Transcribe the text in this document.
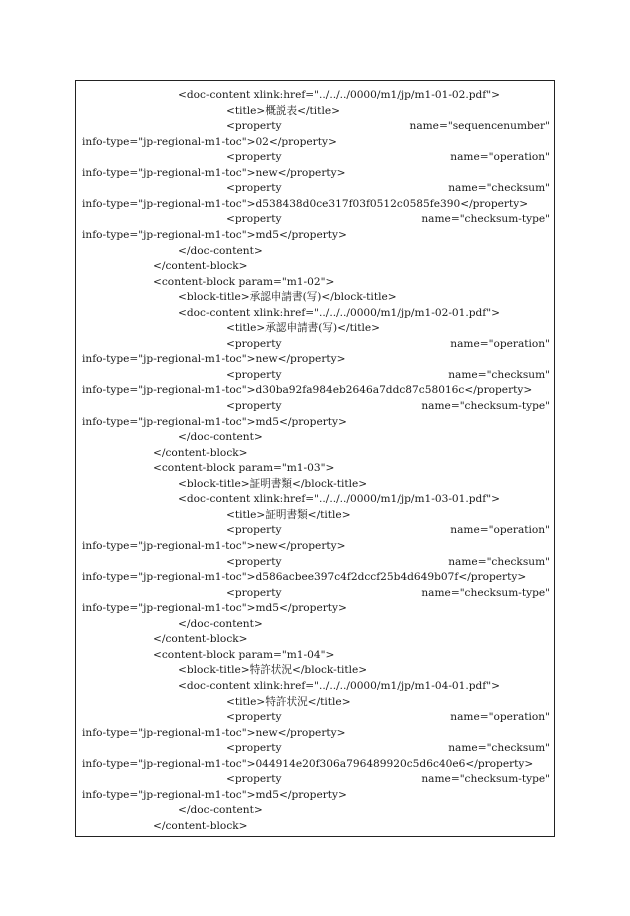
<doc-content xlink:href="../../../0000/m1/jp/m1-01-02.pdf">
<title>概説表</title>
<property	name="sequencenumber"
info-type="jp-regional-m1-toc">02</property>
<property	name="operation"
info-type="jp-regional-m1-toc">new</property>
<property	name="checksum"
info-type="jp-regional-m1-toc">d538438d0ce317f03f0512c0585fe390</property>
<property	name="checksum-type"
info-type="jp-regional-m1-toc">md5</property>
</doc-content>
</content-block>
<content-block param="m1-02">
<block-title>承認申請書(写)</block-title>
<doc-content xlink:href="../../../0000/m1/jp/m1-02-01.pdf">
<title>承認申請書(写)</title>
<property	name="operation"
info-type="jp-regional-m1-toc">new</property>
<property	name="checksum"
info-type="jp-regional-m1-toc">d30ba92fa984eb2646a7ddc87c58016c</property>
<property	name="checksum-type"
info-type="jp-regional-m1-toc">md5</property>
</doc-content>
</content-block>
<content-block param="m1-03">
<block-title>証明書類</block-title>
<doc-content xlink:href="../../../0000/m1/jp/m1-03-01.pdf">
<title>証明書類</title>
<property	name="operation"
info-type="jp-regional-m1-toc">new</property>
<property	name="checksum"
info-type="jp-regional-m1-toc">d586acbee397c4f2dccf25b4d649b07f</property>
<property	name="checksum-type"
info-type="jp-regional-m1-toc">md5</property>
</doc-content>
</content-block>
<content-block param="m1-04">
<block-title>特許状況</block-title>
<doc-content xlink:href="../../../0000/m1/jp/m1-04-01.pdf">
<title>特許状況</title>
<property	name="operation"
info-type="jp-regional-m1-toc">new</property>
<property	name="checksum"
info-type="jp-regional-m1-toc">044914e20f306a796489920c5d6c40e6</property>
<property	name="checksum-type"
info-type="jp-regional-m1-toc">md5</property>
</doc-content>
</content-block>
